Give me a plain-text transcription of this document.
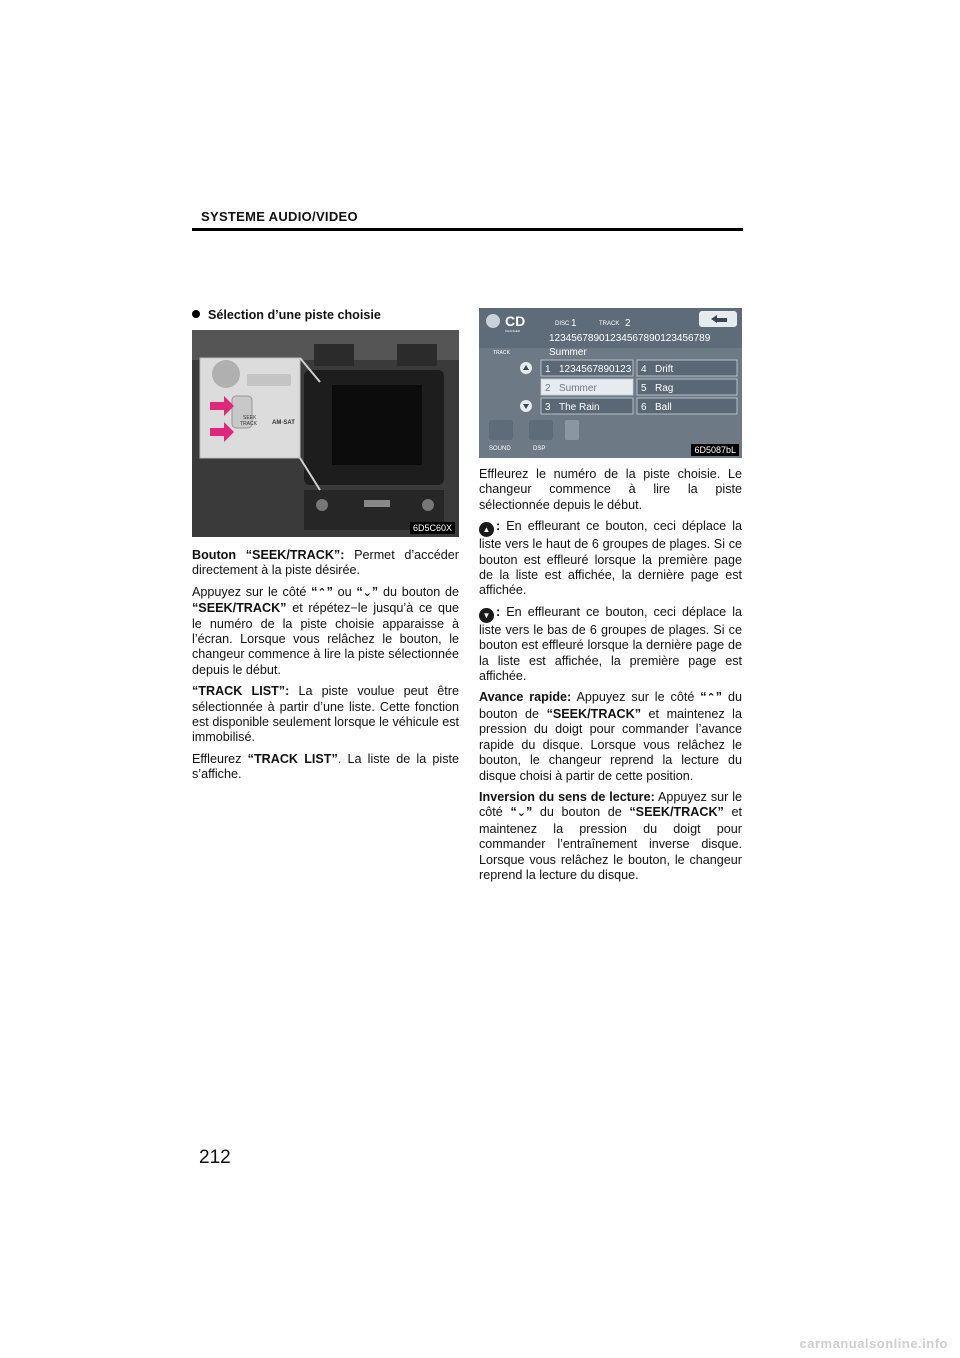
SYSTEME AUDIO/VIDEO
Sélection d’une piste choisie
SEEK
TRACK	AM·SAT
6D5C60X
CD
CHANGER
DISC 1	TRACK 2
12345678901234567890123456789
TRACK	Summer
1 1234567890123
2 Summer
3 The Rain
4 Drift
5 Rag
6 Ball
SOUND	DSP	6D5087bL

Bouton “SEEK/TRACK”: Permet d’accéder directement à la piste désirée.

Appuyez sur le côté “⌃” ou “⌄” du bouton de “SEEK/TRACK” et répétez−le jusqu’à ce que le numéro de la piste choisie apparaisse à l’écran. Lorsque vous relâchez le bouton, le changeur commence à lire la piste sélectionnée depuis le début.

“TRACK LIST”: La piste voulue peut être sélectionnée à partir d’une liste. Cette fonction est disponible seulement lorsque le véhicule est immobilisé.

Effleurez “TRACK LIST”. La liste de la piste s’affiche.

Effleurez le numéro de la piste choisie. Le changeur commence à lire la piste sélectionnée depuis le début.

▲ : En effleurant ce bouton, ceci déplace la liste vers le haut de 6 groupes de plages. Si ce bouton est effleuré lorsque la première page de la liste est affichée, la dernière page est affichée.

▼ : En effleurant ce bouton, ceci déplace la liste vers le bas de 6 groupes de plages. Si ce bouton est effleuré lorsque la dernière page de la liste est affichée, la première page est affichée.

Avance rapide: Appuyez sur le côté “⌃” du bouton de “SEEK/TRACK” et maintenez la pression du doigt pour commander l’avance rapide du disque. Lorsque vous relâchez le bouton, le changeur reprend la lecture du disque choisi à partir de cette position.

Inversion du sens de lecture: Appuyez sur le côté “⌄” du bouton de “SEEK/TRACK” et maintenez la pression du doigt pour commander l’entraînement inverse disque. Lorsque vous relâchez le bouton, le changeur reprend la lecture du disque.

212
carmanualsonline.info
